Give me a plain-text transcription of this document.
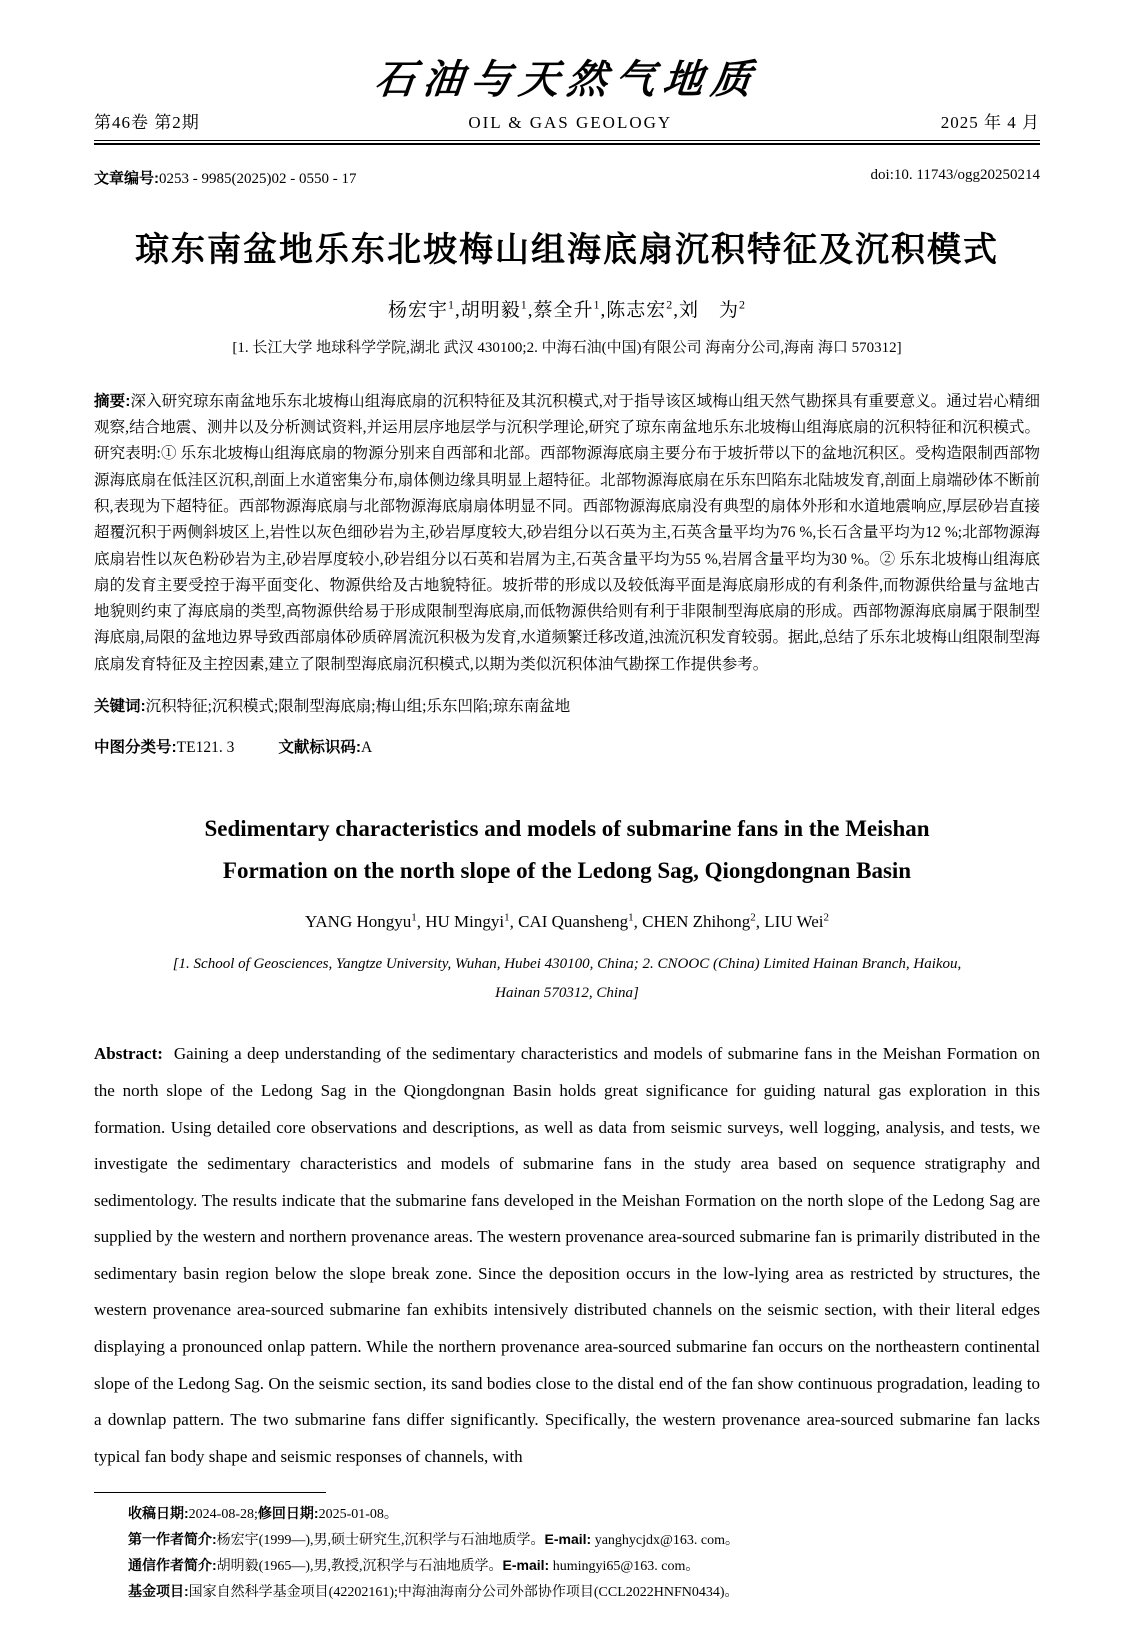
石油与天然气地质
第46卷 第2期	OIL & GAS GEOLOGY	2025 年 4 月
文章编号:0253 - 9985(2025)02 - 0550 - 17	doi:10. 11743/ogg20250214
琼东南盆地乐东北坡梅山组海底扇沉积特征及沉积模式
杨宏宇$^1$,胡明毅$^1$,蔡全升$^1$,陈志宏$^2$,刘　为$^2$
[1. 长江大学 地球科学学院,湖北 武汉 430100;2. 中海石油(中国)有限公司 海南分公司,海南 海口 570312]

摘要:深入研究琼东南盆地乐东北坡梅山组海底扇的沉积特征及其沉积模式,对于指导该区域梅山组天然气勘探具有重要意义。通过岩心精细观察,结合地震、测井以及分析测试资料,并运用层序地层学与沉积学理论,研究了琼东南盆地乐东北坡梅山组海底扇的沉积特征和沉积模式。研究表明:① 乐东北坡梅山组海底扇的物源分别来自西部和北部。西部物源海底扇主要分布于坡折带以下的盆地沉积区。受构造限制西部物源海底扇在低洼区沉积,剖面上水道密集分布,扇体侧边缘具明显上超特征。北部物源海底扇在乐东凹陷东北陆坡发育,剖面上扇端砂体不断前积,表现为下超特征。西部物源海底扇与北部物源海底扇扇体明显不同。西部物源海底扇没有典型的扇体外形和水道地震响应,厚层砂岩直接超覆沉积于两侧斜坡区上,岩性以灰色细砂岩为主,砂岩厚度较大,砂岩组分以石英为主,石英含量平均为76 %,长石含量平均为12 %;北部物源海底扇岩性以灰色粉砂岩为主,砂岩厚度较小,砂岩组分以石英和岩屑为主,石英含量平均为55 %,岩屑含量平均为30 %。② 乐东北坡梅山组海底扇的发育主要受控于海平面变化、物源供给及古地貌特征。坡折带的形成以及较低海平面是海底扇形成的有利条件,而物源供给量与盆地古地貌则约束了海底扇的类型,高物源供给易于形成限制型海底扇,而低物源供给则有利于非限制型海底扇的形成。西部物源海底扇属于限制型海底扇,局限的盆地边界导致西部扇体砂质碎屑流沉积极为发育,水道频繁迁移改道,浊流沉积发育较弱。据此,总结了乐东北坡梅山组限制型海底扇发育特征及主控因素,建立了限制型海底扇沉积模式,以期为类似沉积体油气勘探工作提供参考。

关键词:沉积特征;沉积模式;限制型海底扇;梅山组;乐东凹陷;琼东南盆地

中图分类号:TE121. 3	文献标识码:A

Sedimentary characteristics and models of submarine fans in the Meishan
Formation on the north slope of the Ledong Sag, Qiongdongnan Basin
YANG Hongyu$^1$, HU Mingyi$^1$, CAI Quansheng$^1$, CHEN Zhihong$^2$, LIU Wei$^2$
[1. School of Geosciences, Yangtze University, Wuhan, Hubei 430100, China; 2. CNOOC (China) Limited Hainan Branch, Haikou,
Hainan 570312, China]

Abstract: Gaining a deep understanding of the sedimentary characteristics and models of submarine fans in the Meishan Formation on the north slope of the Ledong Sag in the Qiongdongnan Basin holds great significance for guiding natural gas exploration in this formation. Using detailed core observations and descriptions, as well as data from seismic surveys, well logging, analysis, and tests, we investigate the sedimentary characteristics and models of submarine fans in the study area based on sequence stratigraphy and sedimentology. The results indicate that the submarine fans developed in the Meishan Formation on the north slope of the Ledong Sag are supplied by the western and northern provenance areas. The western provenance area-sourced submarine fan is primarily distributed in the sedimentary basin region below the slope break zone. Since the deposition occurs in the low-lying area as restricted by structures, the western provenance area-sourced submarine fan exhibits intensively distributed channels on the seismic section, with their literal edges displaying a pronounced onlap pattern. While the northern provenance area-sourced submarine fan occurs on the northeastern continental slope of the Ledong Sag. On the seismic section, its sand bodies close to the distal end of the fan show continuous progradation, leading to a downlap pattern. The two submarine fans differ significantly. Specifically, the western provenance area-sourced submarine fan lacks typical fan body shape and seismic responses of channels, with

收稿日期:2024-08-28;修回日期:2025-01-08。
第一作者简介:杨宏宇(1999—),男,硕士研究生,沉积学与石油地质学。E-mail: yanghycjdx@163. com。
通信作者简介:胡明毅(1965—),男,教授,沉积学与石油地质学。E-mail: humingyi65@163. com。
基金项目:国家自然科学基金项目(42202161);中海油海南分公司外部协作项目(CCL2022HNFN0434)。
